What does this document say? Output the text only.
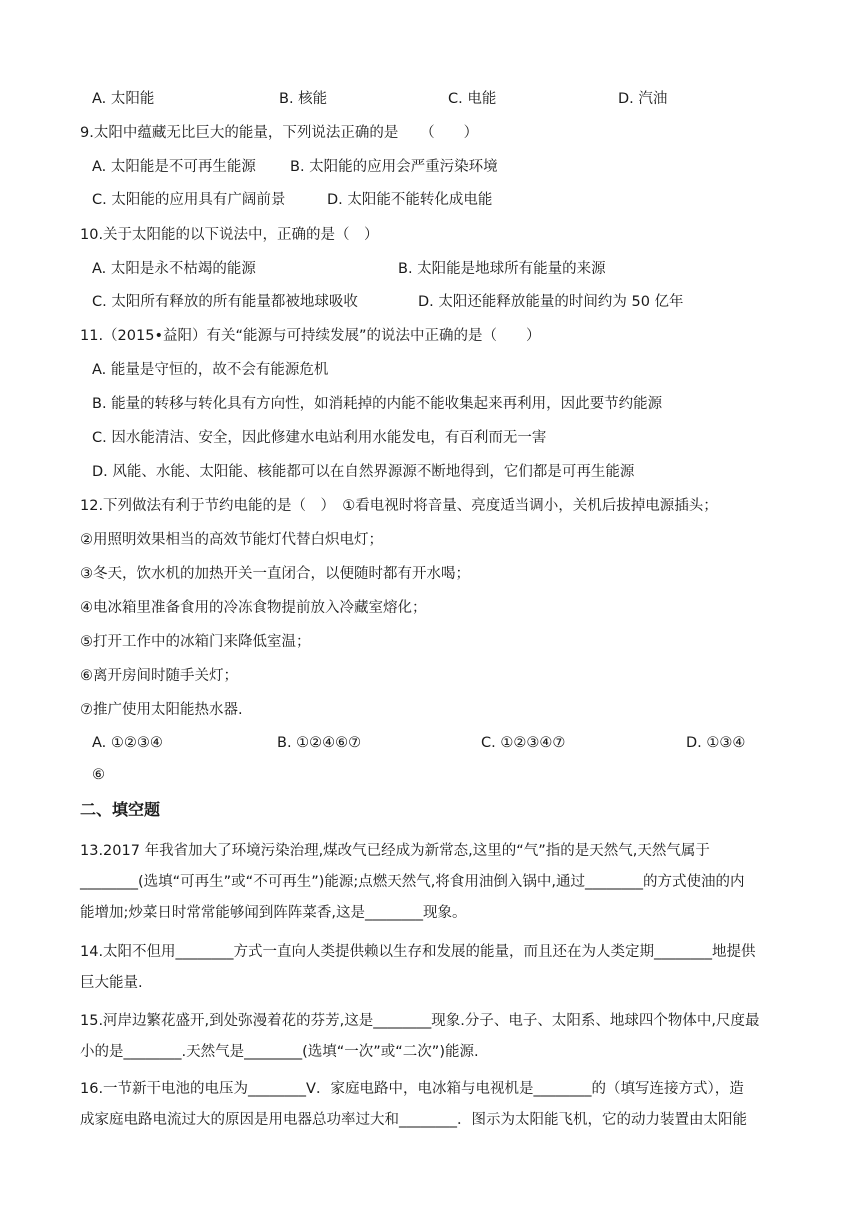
A. 太阳能	B. 核能	C. 电能	D. 汽油
9.太阳中蕴藏无比巨大的能量，下列说法正确的是　　（　　）
A. 太阳能是不可再生能源 B. 太阳能的应用会严重污染环境
C. 太阳能的应用具有广阔前景	D. 太阳能不能转化成电能
10.关于太阳能的以下说法中，正确的是（　）
A. 太阳是永不枯竭的能源	B. 太阳能是地球所有能量的来源
C. 太阳所有释放的所有能量都被地球吸收	D. 太阳还能释放能量的时间约为 50 亿年
11.（2015•益阳）有关“能源与可持续发展”的说法中正确的是（　　）
A. 能量是守恒的，故不会有能源危机
B. 能量的转移与转化具有方向性，如消耗掉的内能不能收集起来再利用，因此要节约能源
C. 因水能清洁、安全，因此修建水电站利用水能发电，有百利而无一害
D. 风能、水能、太阳能、核能都可以在自然界源源不断地得到，它们都是可再生能源
12.下列做法有利于节约电能的是（　）　①看电视时将音量、亮度适当调小，关机后拔掉电源插头；
②用照明效果相当的高效节能灯代替白炽电灯；
③冬天，饮水机的加热开关一直闭合，以便随时都有开水喝；
④电冰箱里准备食用的冷冻食物提前放入冷藏室熔化；
⑤打开工作中的冰箱门来降低室温；
⑥离开房间时随手关灯；
⑦推广使用太阳能热水器.
A. ①②③④	B. ①②④⑥⑦	C. ①②③④⑦	D. ①③④
⑥
二、填空题
13.2017 年我省加大了环境污染治理,煤改气已经成为新常态,这里的“气”指的是天然气,天然气属于
________(选填“可再生”或“不可再生”)能源;点燃天然气,将食用油倒入锅中,通过________的方式使油的内
能增加;炒菜日时常常能够闻到阵阵菜香,这是________现象。
14.太阳不但用________方式一直向人类提供赖以生存和发展的能量，而且还在为人类定期________地提供
巨大能量.
15.河岸边繁花盛开,到处弥漫着花的芬芳,这是________现象.分子、电子、太阳系、地球四个物体中,尺度最
小的是________.天然气是________(选填“一次”或“二次”)能源.
16.一节新干电池的电压为________V．家庭电路中，电冰箱与电视机是________的（填写连接方式），造
成家庭电路电流过大的原因是用电器总功率过大和________．图示为太阳能飞机，它的动力装置由太阳能
